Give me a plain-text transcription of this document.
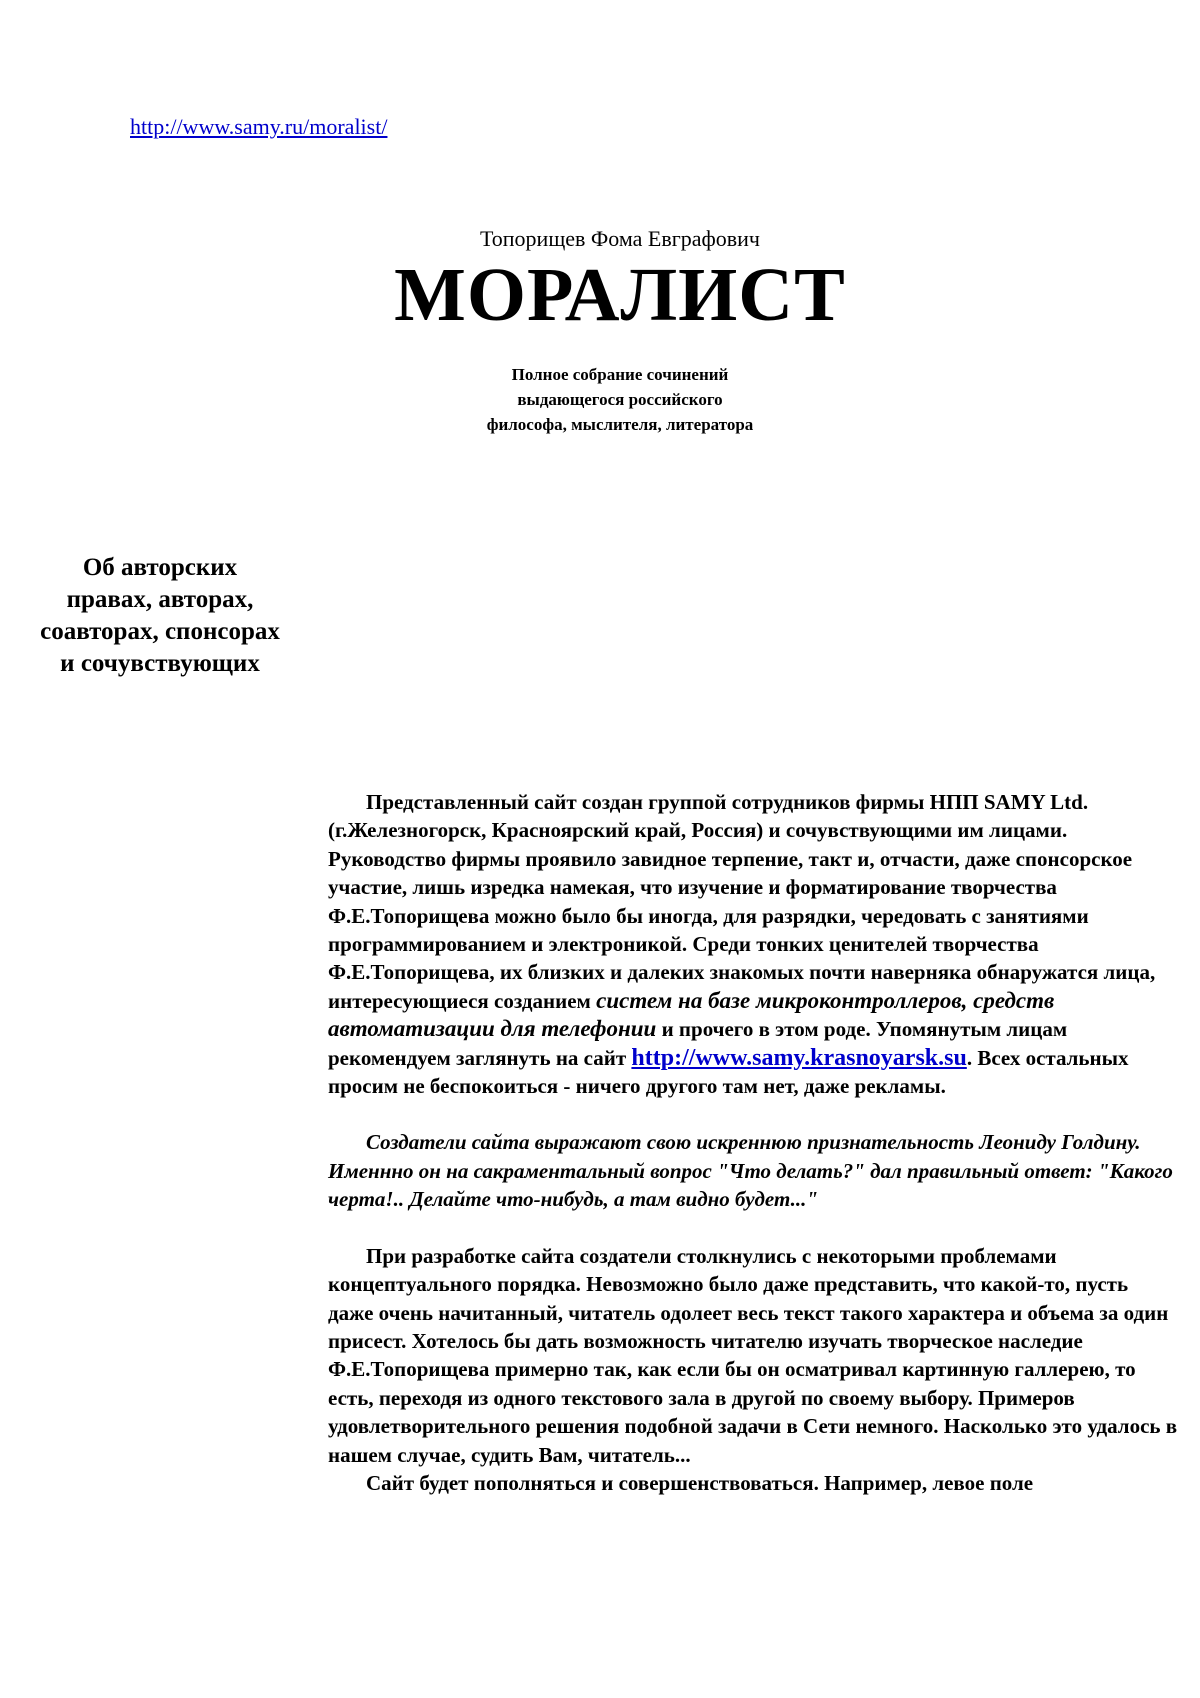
http://www.samy.ru/moralist/
Топорищев Фома Евграфович
МОРАЛИСТ
Полное собрание сочинений
выдающегося российского
философа, мыслителя, литератора
Об авторских правах, авторах, соавторах, спонсорах и сочувствующих

Представленный сайт создан группой сотрудников фирмы НПП SAMY Ltd.(г.Железногорск, Красноярский край, Россия) и сочувствующими им лицами. Руководство фирмы проявило завидное терпение, такт и, отчасти, даже спонсорское участие, лишь изредка намекая, что изучение и форматирование творчества Ф.Е.Топорищева можно было бы иногда, для разрядки, чередовать с занятиями программированием и электроникой. Среди тонких ценителей творчества Ф.Е.Топорищева, их близких и далеких знакомых почти наверняка обнаружатся лица, интересующиеся созданием систем на базе микроконтроллеров, средств автоматизации для телефонии и прочего в этом роде. Упомянутым лицам рекомендуем заглянуть на сайт http://www.samy.krasnoyarsk.su. Всех остальных просим не беспокоиться - ничего другого там нет, даже рекламы.

Создатели сайта выражают свою искреннюю признательность Леониду Голдину. Именнно он на сакраментальный вопрос "Что делать?" дал правильный ответ: "Какого черта!.. Делайте что-нибудь, а там видно будет..."

При разработке сайта создатели столкнулись с некоторыми проблемами концептуального порядка. Невозможно было даже представить, что какой-то, пусть даже очень начитанный, читатель одолеет весь текст такого характера и объема за один присест. Хотелось бы дать возможность читателю изучать творческое наследие Ф.Е.Топорищева примерно так, как если бы он осматривал картинную галлерею, то есть, переходя из одного текстового зала в другой по своему выбору. Примеров удовлетворительного решения подобной задачи в Сети немного. Насколько это удалось в нашем случае, судить Вам, читатель...

Сайт будет пополняться и совершенствоваться. Например, левое поле
